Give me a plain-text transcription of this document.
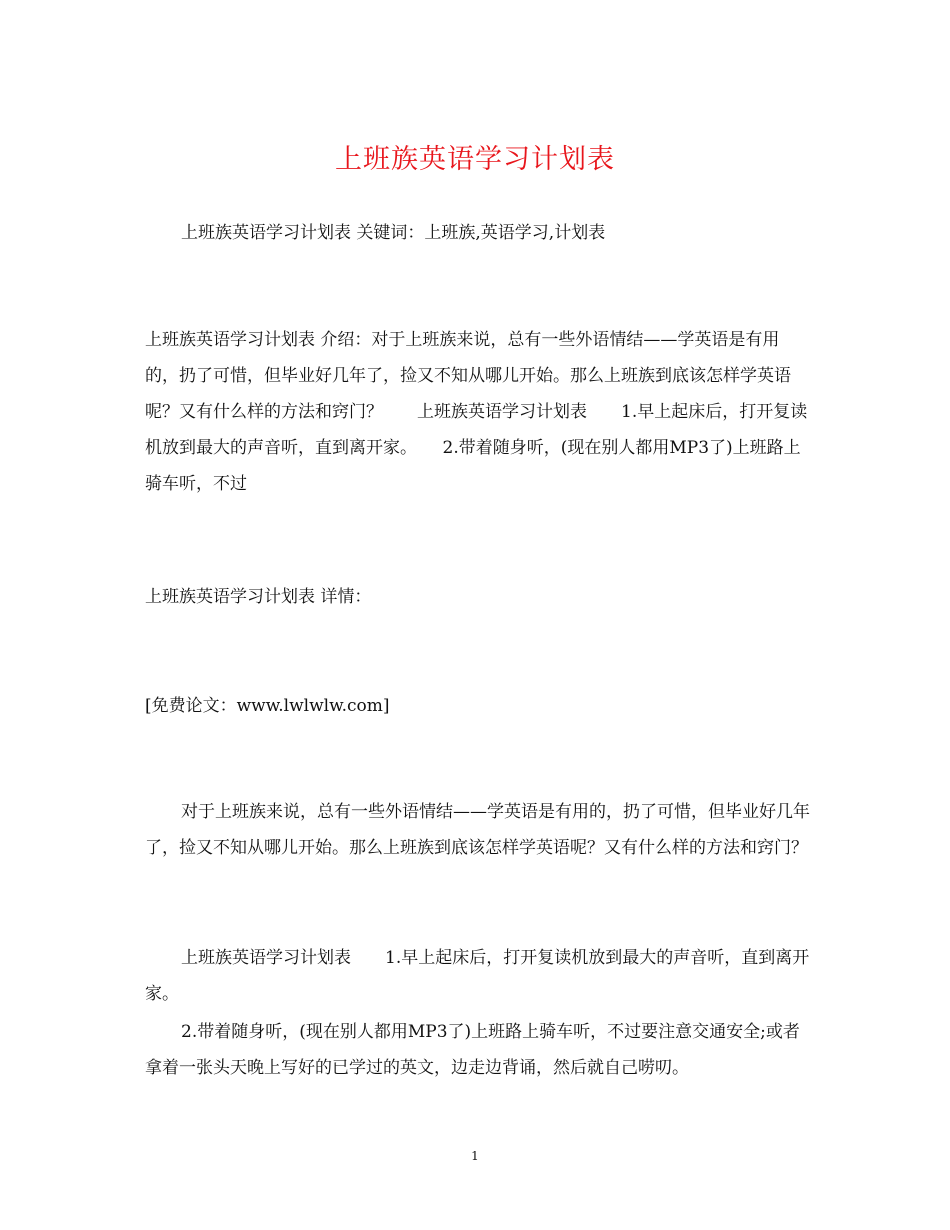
上班族英语学习计划表

上班族英语学习计划表 关键词：上班族,英语学习,计划表

上班族英语学习计划表 介绍：对于上班族来说，总有一些外语情结——学英语是有用的，扔了可惜，但毕业好几年了，捡又不知从哪儿开始。那么上班族到底该怎样学英语呢？又有什么样的方法和窍门？　　上班族英语学习计划表　　1.早上起床后，打开复读机放到最大的声音听，直到离开家。　　2.带着随身听，(现在别人都用MP3了)上班路上骑车听，不过

上班族英语学习计划表 详情：

[免费论文：www.lwlwlw.com]

对于上班族来说，总有一些外语情结——学英语是有用的，扔了可惜，但毕业好几年了，捡又不知从哪儿开始。那么上班族到底该怎样学英语呢？又有什么样的方法和窍门？

上班族英语学习计划表　　1.早上起床后，打开复读机放到最大的声音听，直到离开家。

2.带着随身听，(现在别人都用MP3了)上班路上骑车听，不过要注意交通安全;或者拿着一张头天晚上写好的已学过的英文，边走边背诵，然后就自己唠叨。

1
